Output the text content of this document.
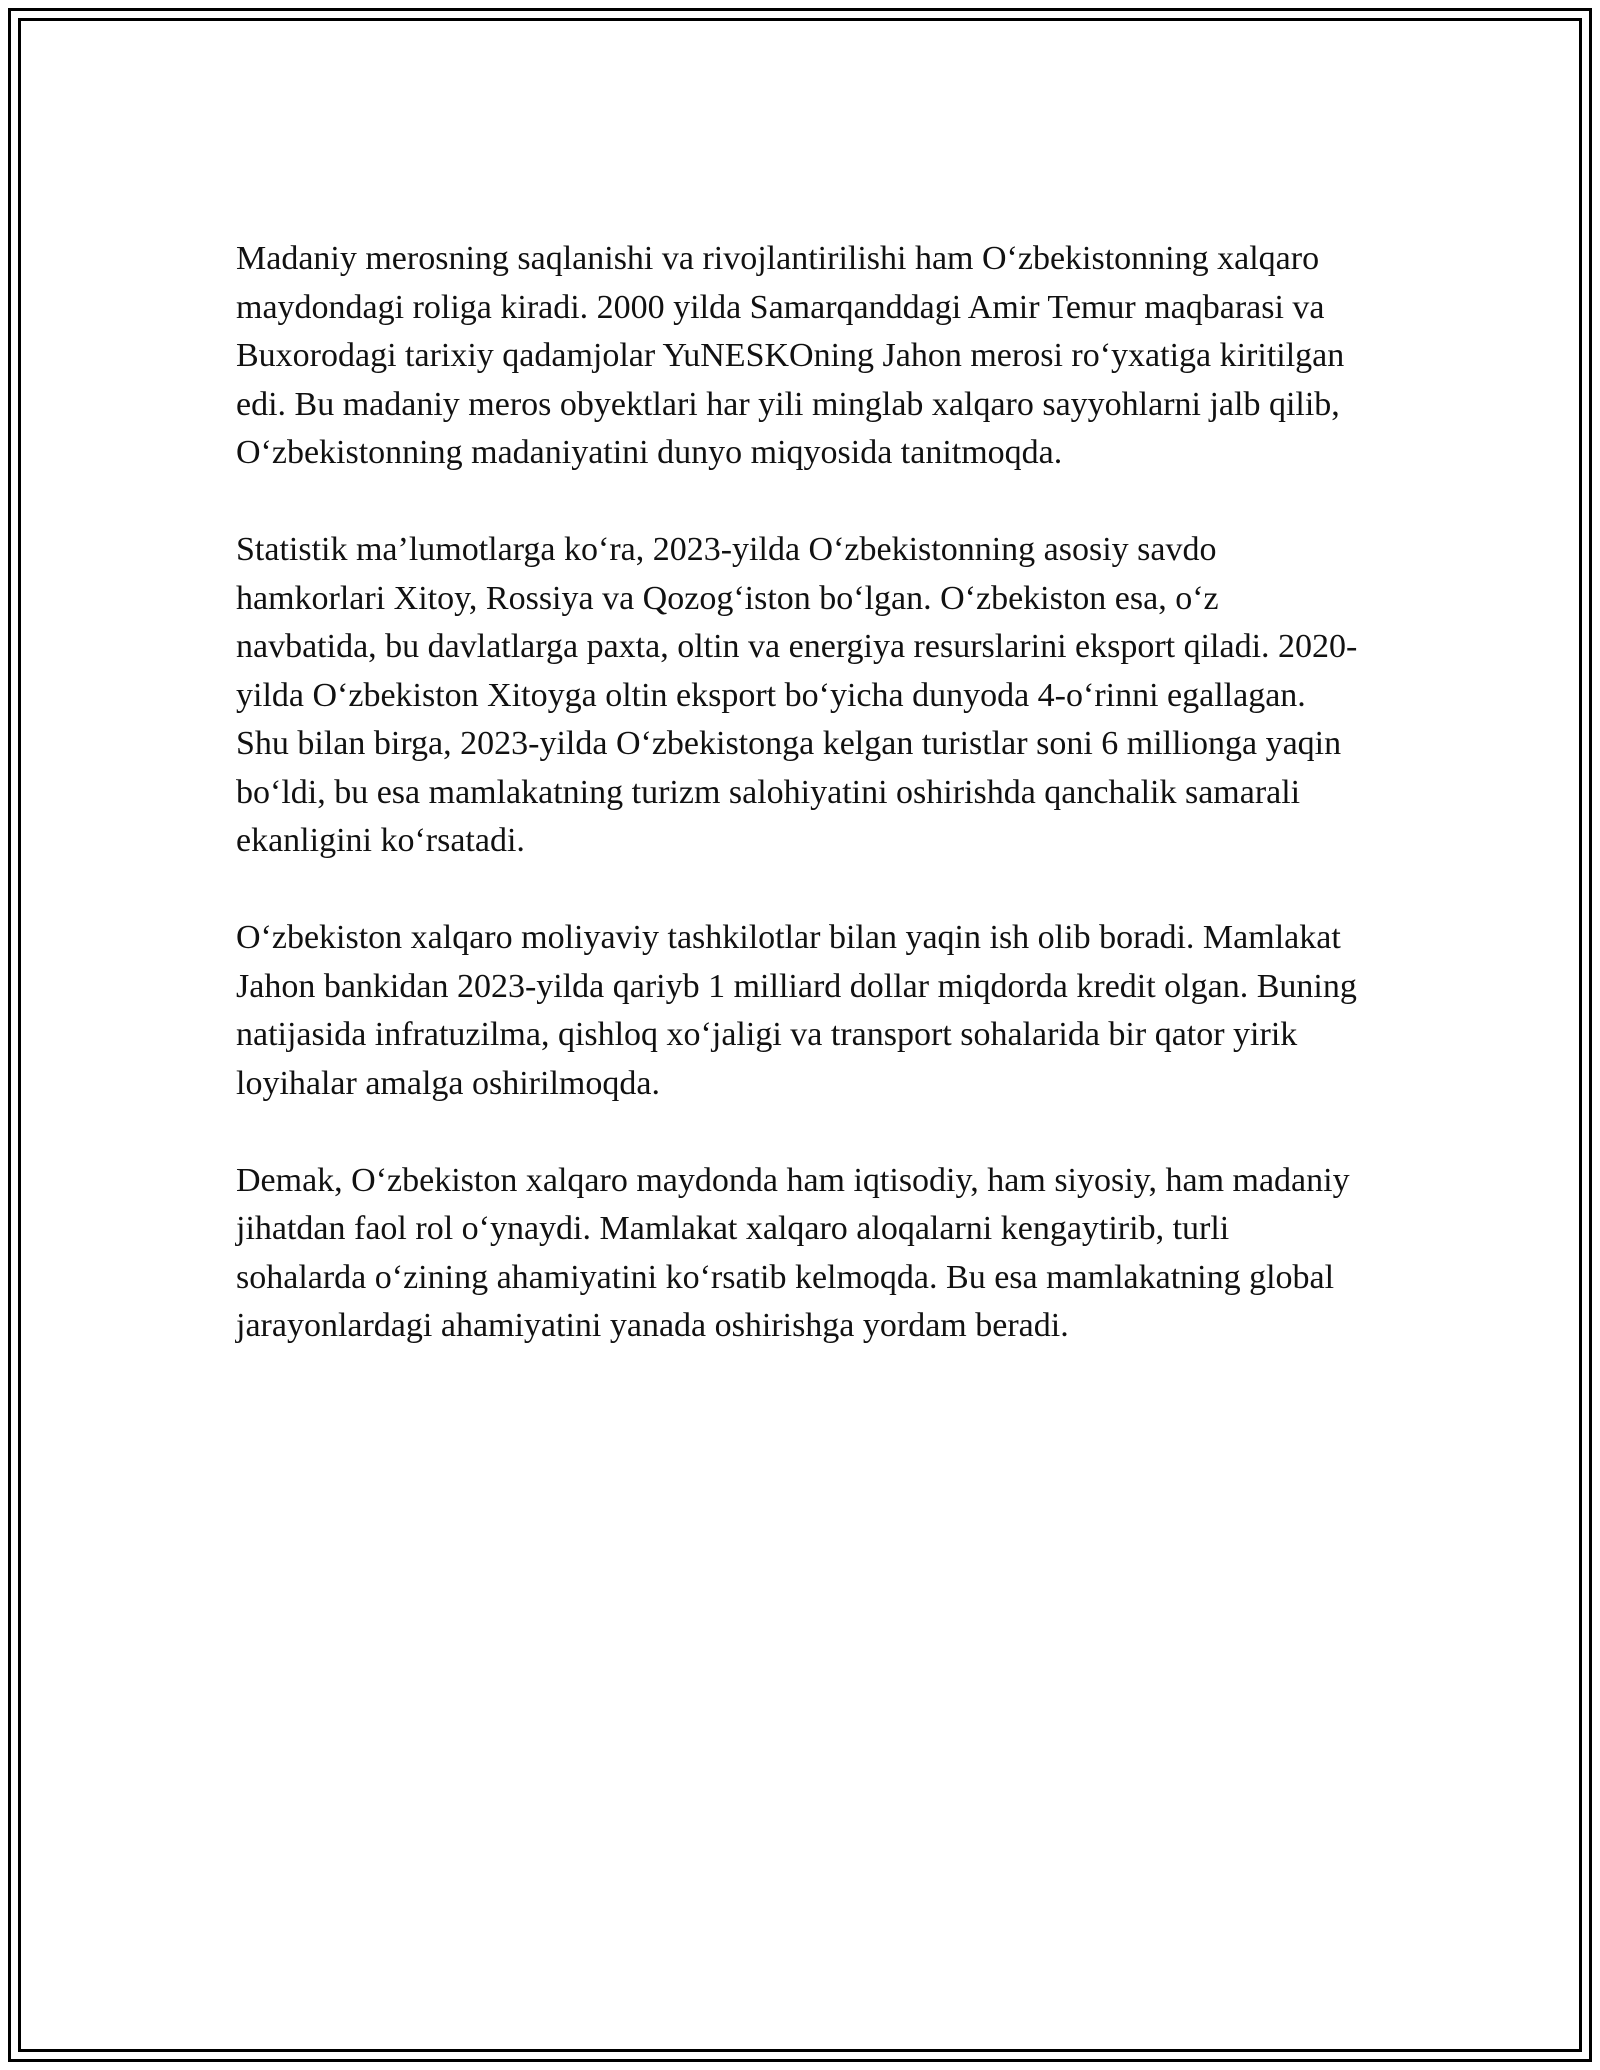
Madaniy merosning saqlanishi va rivojlantirilishi ham O‘zbekistonning xalqaro maydondagi roliga kiradi. 2000 yilda Samarqanddagi Amir Temur maqbarasi va Buxorodagi tarixiy qadamjolar YuNESKOning Jahon merosi ro‘yxatiga kiritilgan edi. Bu madaniy meros obyektlari har yili minglab xalqaro sayyohlarni jalb qilib, O‘zbekistonning madaniyatini dunyo miqyosida tanitmoqda.

Statistik ma’lumotlarga ko‘ra, 2023-yilda O‘zbekistonning asosiy savdo hamkorlari Xitoy, Rossiya va Qozog‘iston bo‘lgan. O‘zbekiston esa, o‘z navbatida, bu davlatlarga paxta, oltin va energiya resurslarini eksport qiladi. 2020-yilda O‘zbekiston Xitoyga oltin eksport bo‘yicha dunyoda 4-o‘rinni egallagan. Shu bilan birga, 2023-yilda O‘zbekistonga kelgan turistlar soni 6 millionga yaqin bo‘ldi, bu esa mamlakatning turizm salohiyatini oshirishda qanchalik samarali ekanligini ko‘rsatadi.

O‘zbekiston xalqaro moliyaviy tashkilotlar bilan yaqin ish olib boradi. Mamlakat Jahon bankidan 2023-yilda qariyb 1 milliard dollar miqdorda kredit olgan. Buning natijasida infratuzilma, qishloq xo‘jaligi va transport sohalarida bir qator yirik loyihalar amalga oshirilmoqda.

Demak, O‘zbekiston xalqaro maydonda ham iqtisodiy, ham siyosiy, ham madaniy jihatdan faol rol o‘ynaydi. Mamlakat xalqaro aloqalarni kengaytirib, turli sohalarda o‘zining ahamiyatini ko‘rsatib kelmoqda. Bu esa mamlakatning global jarayonlardagi ahamiyatini yanada oshirishga yordam beradi.
